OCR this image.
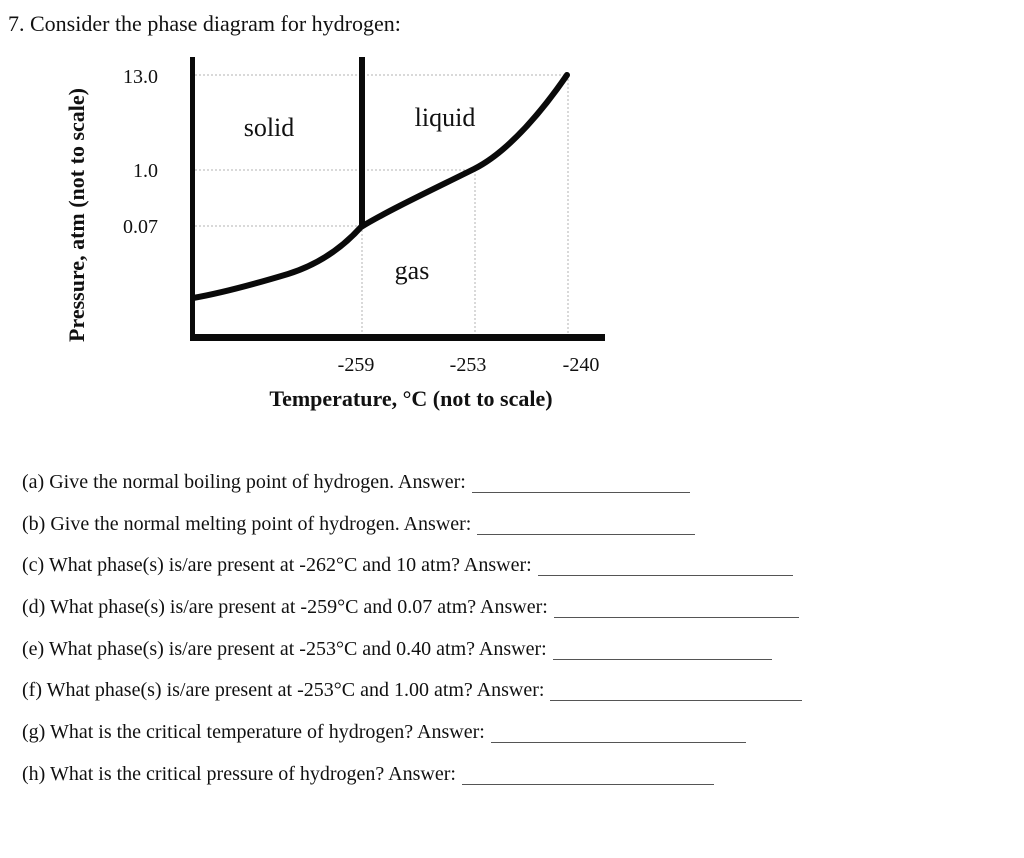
7. Consider the phase diagram for hydrogen:
13.0
1.0
0.07
-259	-253	-240
solid	liquid
gas
Temperature, °C (not to scale)
Pressure, atm (not to scale)
(a) Give the normal boiling point of hydrogen. Answer:
(b) Give the normal melting point of hydrogen. Answer:
(c) What phase(s) is/are present at -262°C and 10 atm? Answer:
(d) What phase(s) is/are present at -259°C and 0.07 atm? Answer:
(e) What phase(s) is/are present at -253°C and 0.40 atm? Answer:
(f) What phase(s) is/are present at -253°C and 1.00 atm? Answer:
(g) What is the critical temperature of hydrogen? Answer:
(h) What is the critical pressure of hydrogen? Answer:
